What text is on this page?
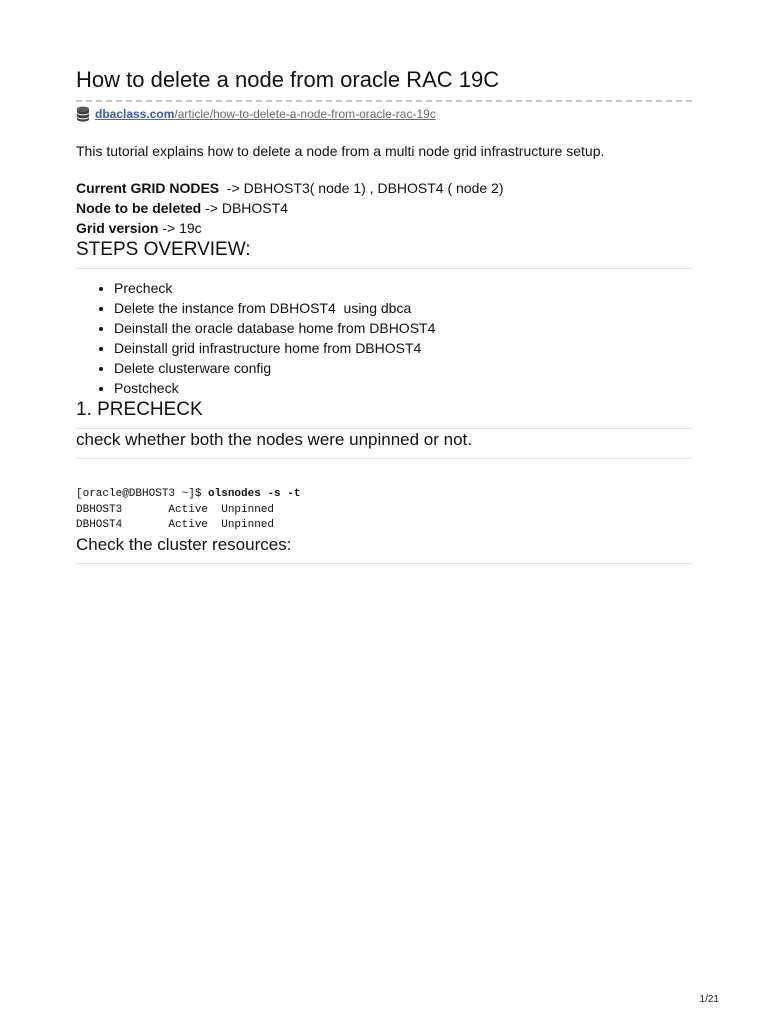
How to delete a node from oracle RAC 19C
dbaclass.com/article/how-to-delete-a-node-from-oracle-rac-19c

This tutorial explains how to delete a node from a multi node grid infrastructure setup.

Current GRID NODES  -> DBHOST3( node 1) , DBHOST4 ( node 2)
Node to be deleted -> DBHOST4
Grid version -> 19c
STEPS OVERVIEW:
• Precheck
• Delete the instance from DBHOST4  using dbca
• Deinstall the oracle database home from DBHOST4
• Deinstall grid infrastructure home from DBHOST4
• Delete clusterware config
• Postcheck
1. PRECHECK
check whether both the nodes were unpinned or not.
[oracle@DBHOST3 ~]$ olsnodes -s -t
DBHOST3       Active  Unpinned
DBHOST4       Active  Unpinned
Check the cluster resources:
1/21
